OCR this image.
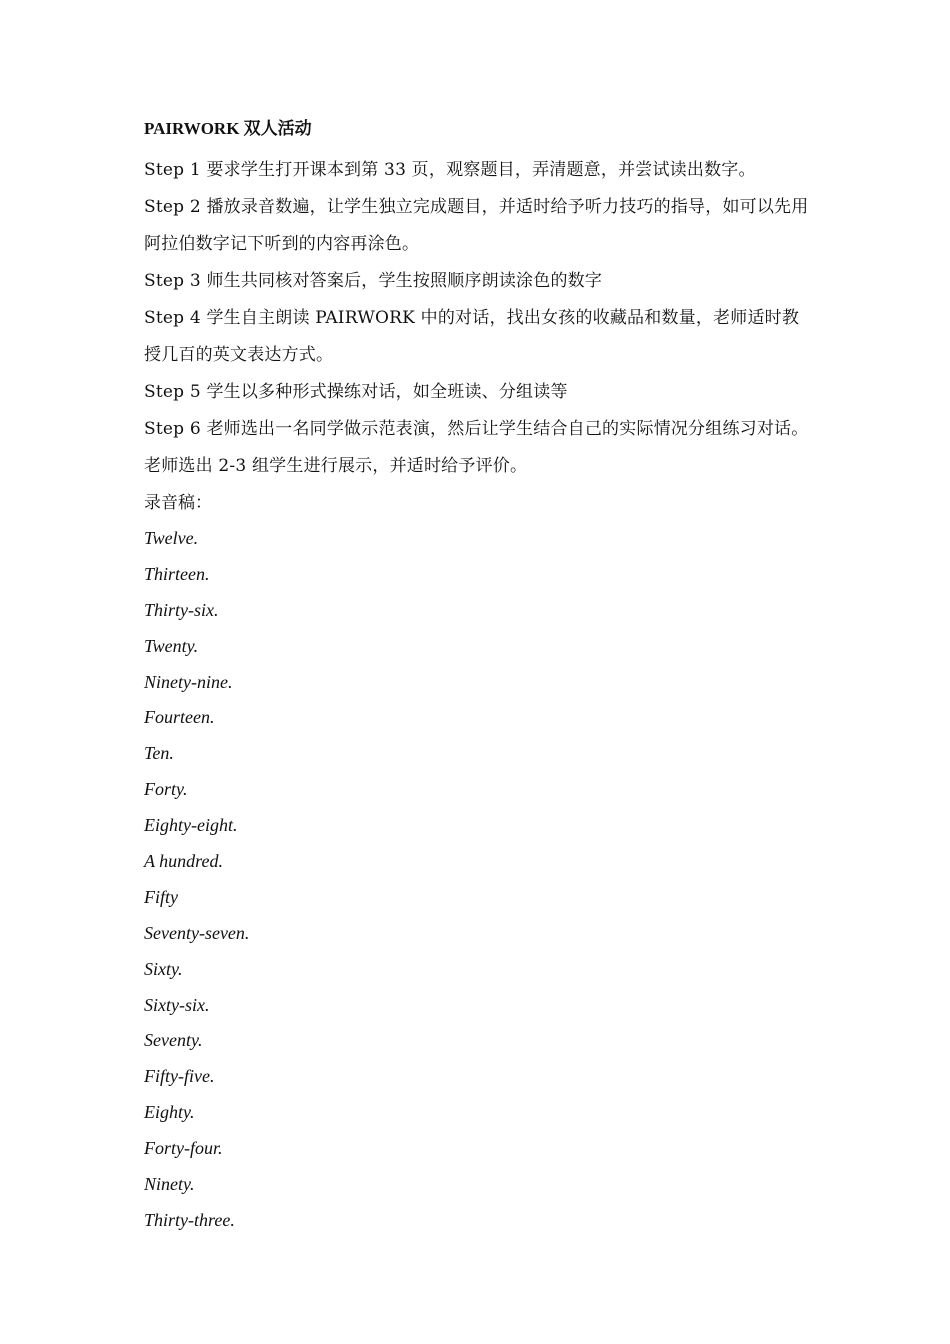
PAIRWORK 双人活动

Step 1 要求学生打开课本到第 33 页，观察题目，弄清题意，并尝试读出数字。

Step 2 播放录音数遍，让学生独立完成题目，并适时给予听力技巧的指导，如可以先用阿拉伯数字记下听到的内容再涂色。

Step 3 师生共同核对答案后，学生按照顺序朗读涂色的数字

Step 4 学生自主朗读 PAIRWORK 中的对话，找出女孩的收藏品和数量，老师适时教授几百的英文表达方式。

Step 5 学生以多种形式操练对话，如全班读、分组读等

Step 6 老师选出一名同学做示范表演，然后让学生结合自己的实际情况分组练习对话。老师选出 2-3 组学生进行展示，并适时给予评价。

录音稿：

Twelve.
Thirteen.
Thirty-six.
Twenty.
Ninety-nine.
Fourteen.
Ten.
Forty.
Eighty-eight.
A hundred.
Fifty
Seventy-seven.
Sixty.
Sixty-six.
Seventy.
Fifty-five.
Eighty.
Forty-four.
Ninety.
Thirty-three.
